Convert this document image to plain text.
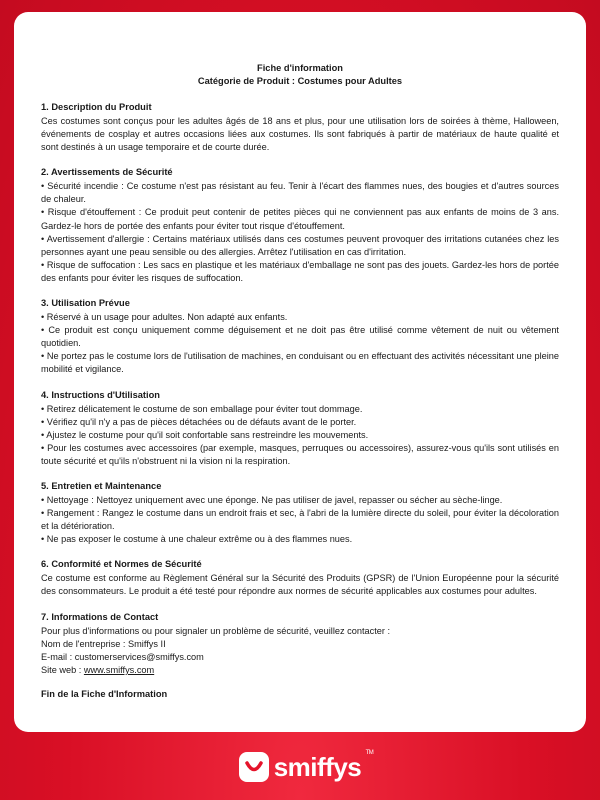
Fiche d'information
Catégorie de Produit : Costumes pour Adultes
1. Description du Produit

Ces costumes sont conçus pour les adultes âgés de 18 ans et plus, pour une utilisation lors de soirées à thème, Halloween, événements de cosplay et autres occasions liées aux costumes. Ils sont fabriqués à partir de matériaux de haute qualité et sont destinés à un usage temporaire et de courte durée.

2. Avertissements de Sécurité
• Sécurité incendie : Ce costume n'est pas résistant au feu. Tenir à l'écart des flammes nues, des bougies et d'autres sources de chaleur.
• Risque d'étouffement : Ce produit peut contenir de petites pièces qui ne conviennent pas aux enfants de moins de 3 ans. Gardez-le hors de portée des enfants pour éviter tout risque d'étouffement.
• Avertissement d'allergie : Certains matériaux utilisés dans ces costumes peuvent provoquer des irritations cutanées chez les personnes ayant une peau sensible ou des allergies. Arrêtez l'utilisation en cas d'irritation.
• Risque de suffocation : Les sacs en plastique et les matériaux d'emballage ne sont pas des jouets. Gardez-les hors de portée des enfants pour éviter les risques de suffocation.
3. Utilisation Prévue
• Réservé à un usage pour adultes. Non adapté aux enfants.
• Ce produit est conçu uniquement comme déguisement et ne doit pas être utilisé comme vêtement de nuit ou vêtement quotidien.
• Ne portez pas le costume lors de l'utilisation de machines, en conduisant ou en effectuant des activités nécessitant une pleine mobilité et vigilance.
4. Instructions d'Utilisation
• Retirez délicatement le costume de son emballage pour éviter tout dommage.
• Vérifiez qu'il n'y a pas de pièces détachées ou de défauts avant de le porter.
• Ajustez le costume pour qu'il soit confortable sans restreindre les mouvements.
• Pour les costumes avec accessoires (par exemple, masques, perruques ou accessoires), assurez-vous qu'ils sont utilisés en toute sécurité et qu'ils n'obstruent ni la vision ni la respiration.
5. Entretien et Maintenance
• Nettoyage : Nettoyez uniquement avec une éponge. Ne pas utiliser de javel, repasser ou sécher au sèche-linge.
• Rangement : Rangez le costume dans un endroit frais et sec, à l'abri de la lumière directe du soleil, pour éviter la décoloration et la détérioration.
• Ne pas exposer le costume à une chaleur extrême ou à des flammes nues.
6. Conformité et Normes de Sécurité

Ce costume est conforme au Règlement Général sur la Sécurité des Produits (GPSR) de l'Union Européenne pour la sécurité des consommateurs. Le produit a été testé pour répondre aux normes de sécurité applicables aux costumes pour adultes.

7. Informations de Contact
Pour plus d'informations ou pour signaler un problème de sécurité, veuillez contacter :
Nom de l'entreprise : Smiffys II
E-mail : customerservices@smiffys.com
Site web : www.smiffys.com
Fin de la Fiche d'Information
smiffys TM
